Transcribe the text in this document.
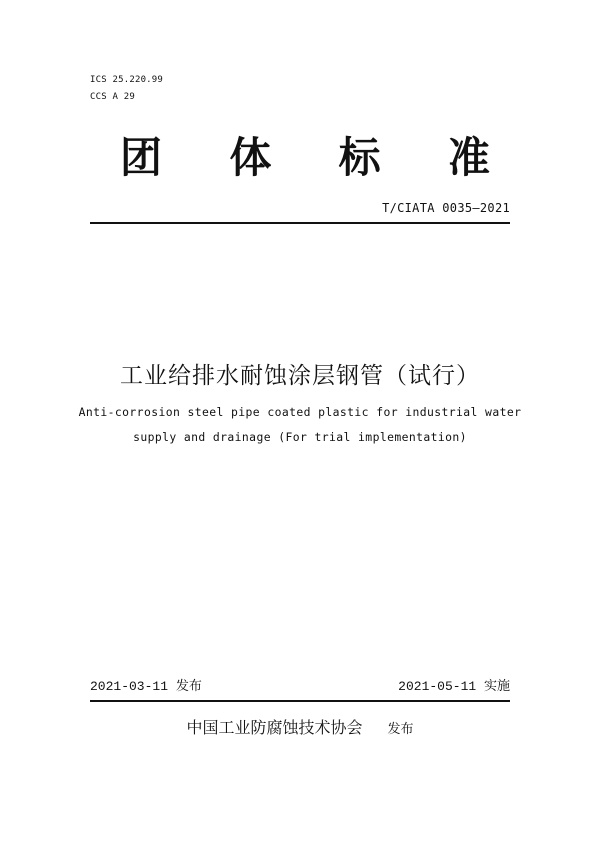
ICS 25.220.99
CCS A 29
团 体 标 准
T/CIATA 0035—2021
工业给排水耐蚀涂层钢管（试行）
Anti-corrosion steel pipe coated plastic for industrial water
supply and drainage (For trial implementation)
2021-03-11 发布	2021-05-11 实施
中国工业防腐蚀技术协会 发布
